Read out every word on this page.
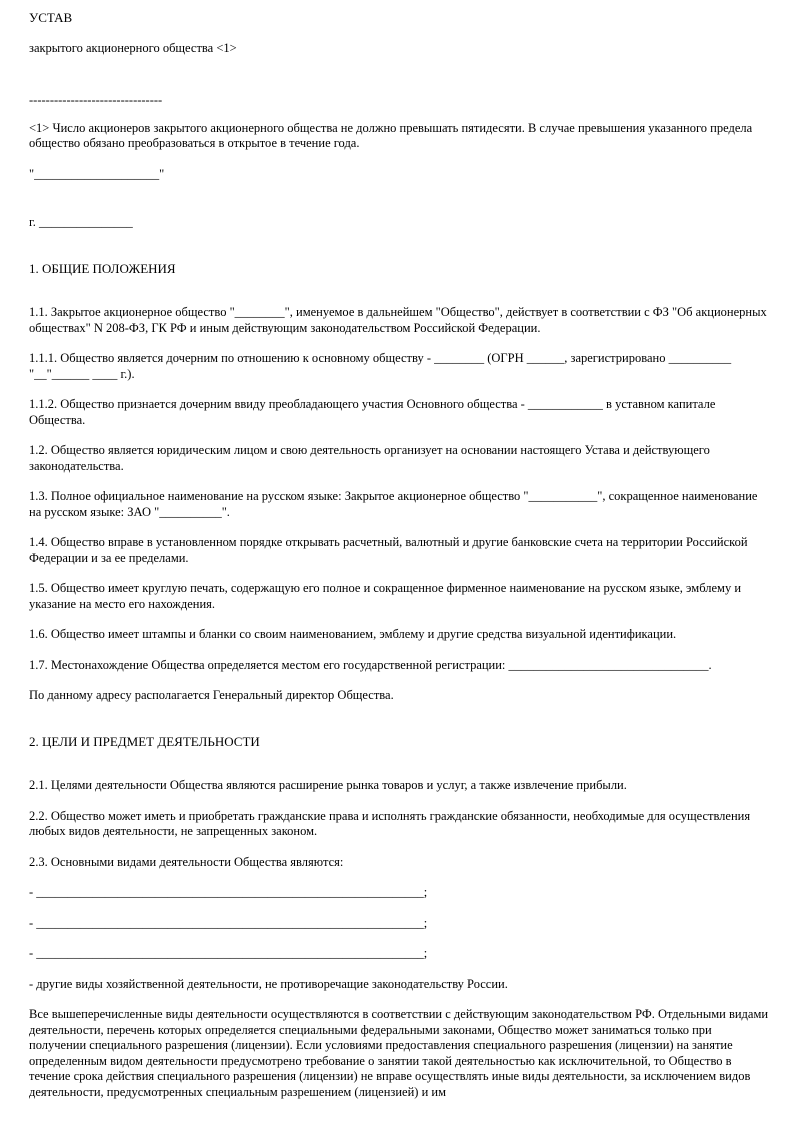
УСТАВ

закрытого акционерного общества <1>

--------------------------------

<1> Число акционеров закрытого акционерного общества не должно превышать пятидесяти. В случае превышения указанного предела общество обязано преобразоваться в открытое в течение года.

"____________________"

г. _______________

1. ОБЩИЕ ПОЛОЖЕНИЯ

1.1. Закрытое акционерное общество "________", именуемое в дальнейшем "Общество", действует в соответствии с ФЗ "Об акционерных обществах" N 208-ФЗ, ГК РФ и иным действующим законодательством Российской Федерации.

1.1.1. Общество является дочерним по отношению к основному обществу - ________ (ОГРН ______, зарегистрировано __________ "__"______ ____ г.).

1.1.2. Общество признается дочерним ввиду преобладающего участия Основного общества - ____________ в уставном капитале Общества.

1.2. Общество является юридическим лицом и свою деятельность организует на основании настоящего Устава и действующего законодательства.

1.3. Полное официальное наименование на русском языке: Закрытое акционерное общество "___________", сокращенное наименование на русском языке: ЗАО "__________".

1.4. Общество вправе в установленном порядке открывать расчетный, валютный и другие банковские счета на территории Российской Федерации и за ее пределами.

1.5. Общество имеет круглую печать, содержащую его полное и сокращенное фирменное наименование на русском языке, эмблему и указание на место его нахождения.

1.6. Общество имеет штампы и бланки со своим наименованием, эмблему и другие средства визуальной идентификации.

1.7. Местонахождение Общества определяется местом его государственной регистрации: ________________________________.

По данному адресу располагается Генеральный директор Общества.

2. ЦЕЛИ И ПРЕДМЕТ ДЕЯТЕЛЬНОСТИ

2.1. Целями деятельности Общества являются расширение рынка товаров и услуг, а также извлечение прибыли.

2.2. Общество может иметь и приобретать гражданские права и исполнять гражданские обязанности, необходимые для осуществления любых видов деятельности, не запрещенных законом.

2.3. Основными видами деятельности Общества являются:

- ______________________________________________________________;

- ______________________________________________________________;

- ______________________________________________________________;

- другие виды хозяйственной деятельности, не противоречащие законодательству России.

Все вышеперечисленные виды деятельности осуществляются в соответствии с действующим законодательством РФ. Отдельными видами деятельности, перечень которых определяется специальными федеральными законами, Общество может заниматься только при получении специального разрешения (лицензии). Если условиями предоставления специального разрешения (лицензии) на занятие определенным видом деятельности предусмотрено требование о занятии такой деятельностью как исключительной, то Общество в течение срока действия специального разрешения (лицензии) не вправе осуществлять иные виды деятельности, за исключением видов деятельности, предусмотренных специальным разрешением (лицензией) и им
